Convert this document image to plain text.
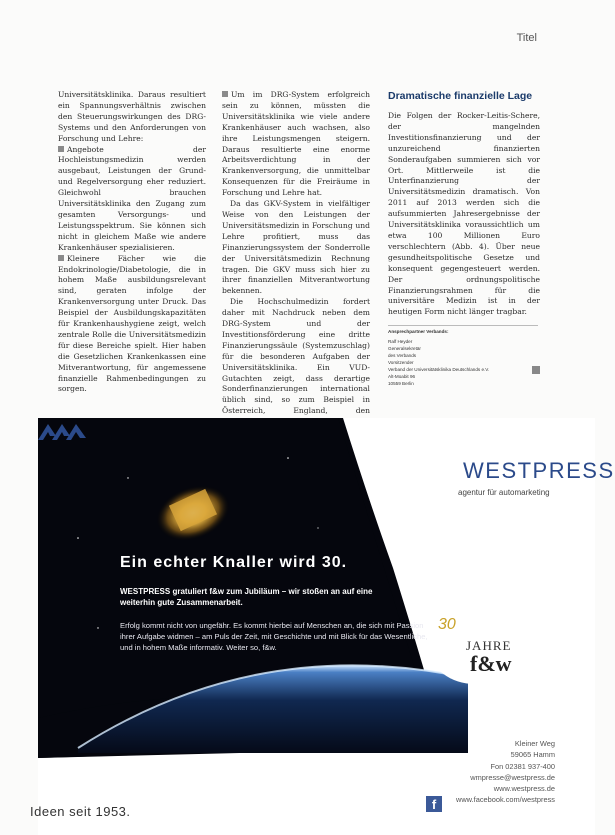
Titel

Universitätsklinika. Daraus resultiert ein Spannungsverhältnis zwischen den Steuerungswirkungen des DRG-Systems und den Anforderungen von Forschung und Lehre:

Angebote der Hochleistungsmedizin werden ausgebaut, Leistungen der Grund- und Regelversorgung eher reduziert. Gleichwohl brauchen Universitätsklinika den Zugang zum gesamten Versorgungs- und Leistungsspektrum. Sie können sich nicht in gleichem Maße wie andere Krankenhäuser spezialisieren.

Kleinere Fächer wie die Endokrinologie/Diabetologie, die in hohem Maße ausbildungsrelevant sind, geraten infolge der Krankenversorgung unter Druck. Das Beispiel der Ausbildungskapazitäten für Krankenhaushygiene zeigt, welch zentrale Rolle die Universitätsmedizin für diese Bereiche spielt. Hier haben die Gesetzlichen Krankenkassen eine Mitverantwortung, für angemessene finanzielle Rahmenbedingungen zu sorgen.

Um im DRG-System erfolgreich sein zu können, müssten die Universitätsklinika wie viele andere Krankenhäuser auch wachsen, also ihre Leistungsmengen steigern. Daraus resultierte eine enorme Arbeitsverdichtung in der Krankenversorgung, die unmittelbar Konsequenzen für die Freiräume in Forschung und Lehre hat.

Da das GKV-System in vielfältiger Weise von den Leistungen der Universitätsmedizin in Forschung und Lehre profitiert, muss das Finanzierungssystem der Sonderrolle der Universitätsmedizin Rechnung tragen. Die GKV muss sich hier zu ihrer finanziellen Mitverantwortung bekennen.

Die Hochschulmedizin fordert daher mit Nachdruck neben dem DRG-System und der Investitionsförderung eine dritte Finanzierungssäule (Systemzuschlag) für die besonderen Aufgaben der Universitätsklinika. Ein VUD-Gutachten zeigt, dass derartige Sonderfinanzierungen international üblich sind, so zum Beispiel in Österreich, England, den

Dramatische finanzielle Lage

Die Folgen der Rocker-Leitis-Schere, der mangelnden Investitionsfinanzierung und der unzureichend finanzierten Sonderaufgaben summieren sich vor Ort. Mittlerweile ist die Unterfinanzierung der Universitätsmedizin dramatisch. Von 2011 auf 2013 werden sich die aufsummierten Jahresergebnisse der Universitätsklinika voraussichtlich um etwa 100 Millionen Euro verschlechtern (Abb. 4). Über neue gesundheitspolitische Gesetze und konsequent gegengesteuert werden. Der ordnungspolitische Finanzierungsrahmen für die universitäre Medizin ist in der heutigen Form nicht länger tragbar.

Ansprechpartner Verbands:
Ralf Heyder
Generalsekretär
des Verbands
Vorsitzender
Verband der Universitätsklinika Deutschlands e.V.
Alt-Moabit 96
10559 Berlin
WESTPRESS
agentur für automarketing
Ein echter Knaller wird 30.
WESTPRESS gratuliert f&w zum Jubiläum – wir stoßen an auf eine weiterhin gute Zusammenarbeit.
Erfolg kommt nicht von ungefähr. Es kommt hierbei auf Menschen an, die sich mit Passion ihrer Aufgabe widmen – am Puls der Zeit, mit Geschichte und mit Blick für das Wesentliche, und in hohem Maße informativ. Weiter so, f&w.
30
JAHRE
f&w
Kleiner Weg
59065 Hamm
Fon 02381 937-400
wmpresse@westpress.de
www.westpress.de
www.facebook.com/westpress
f
Ideen seit 1953.
